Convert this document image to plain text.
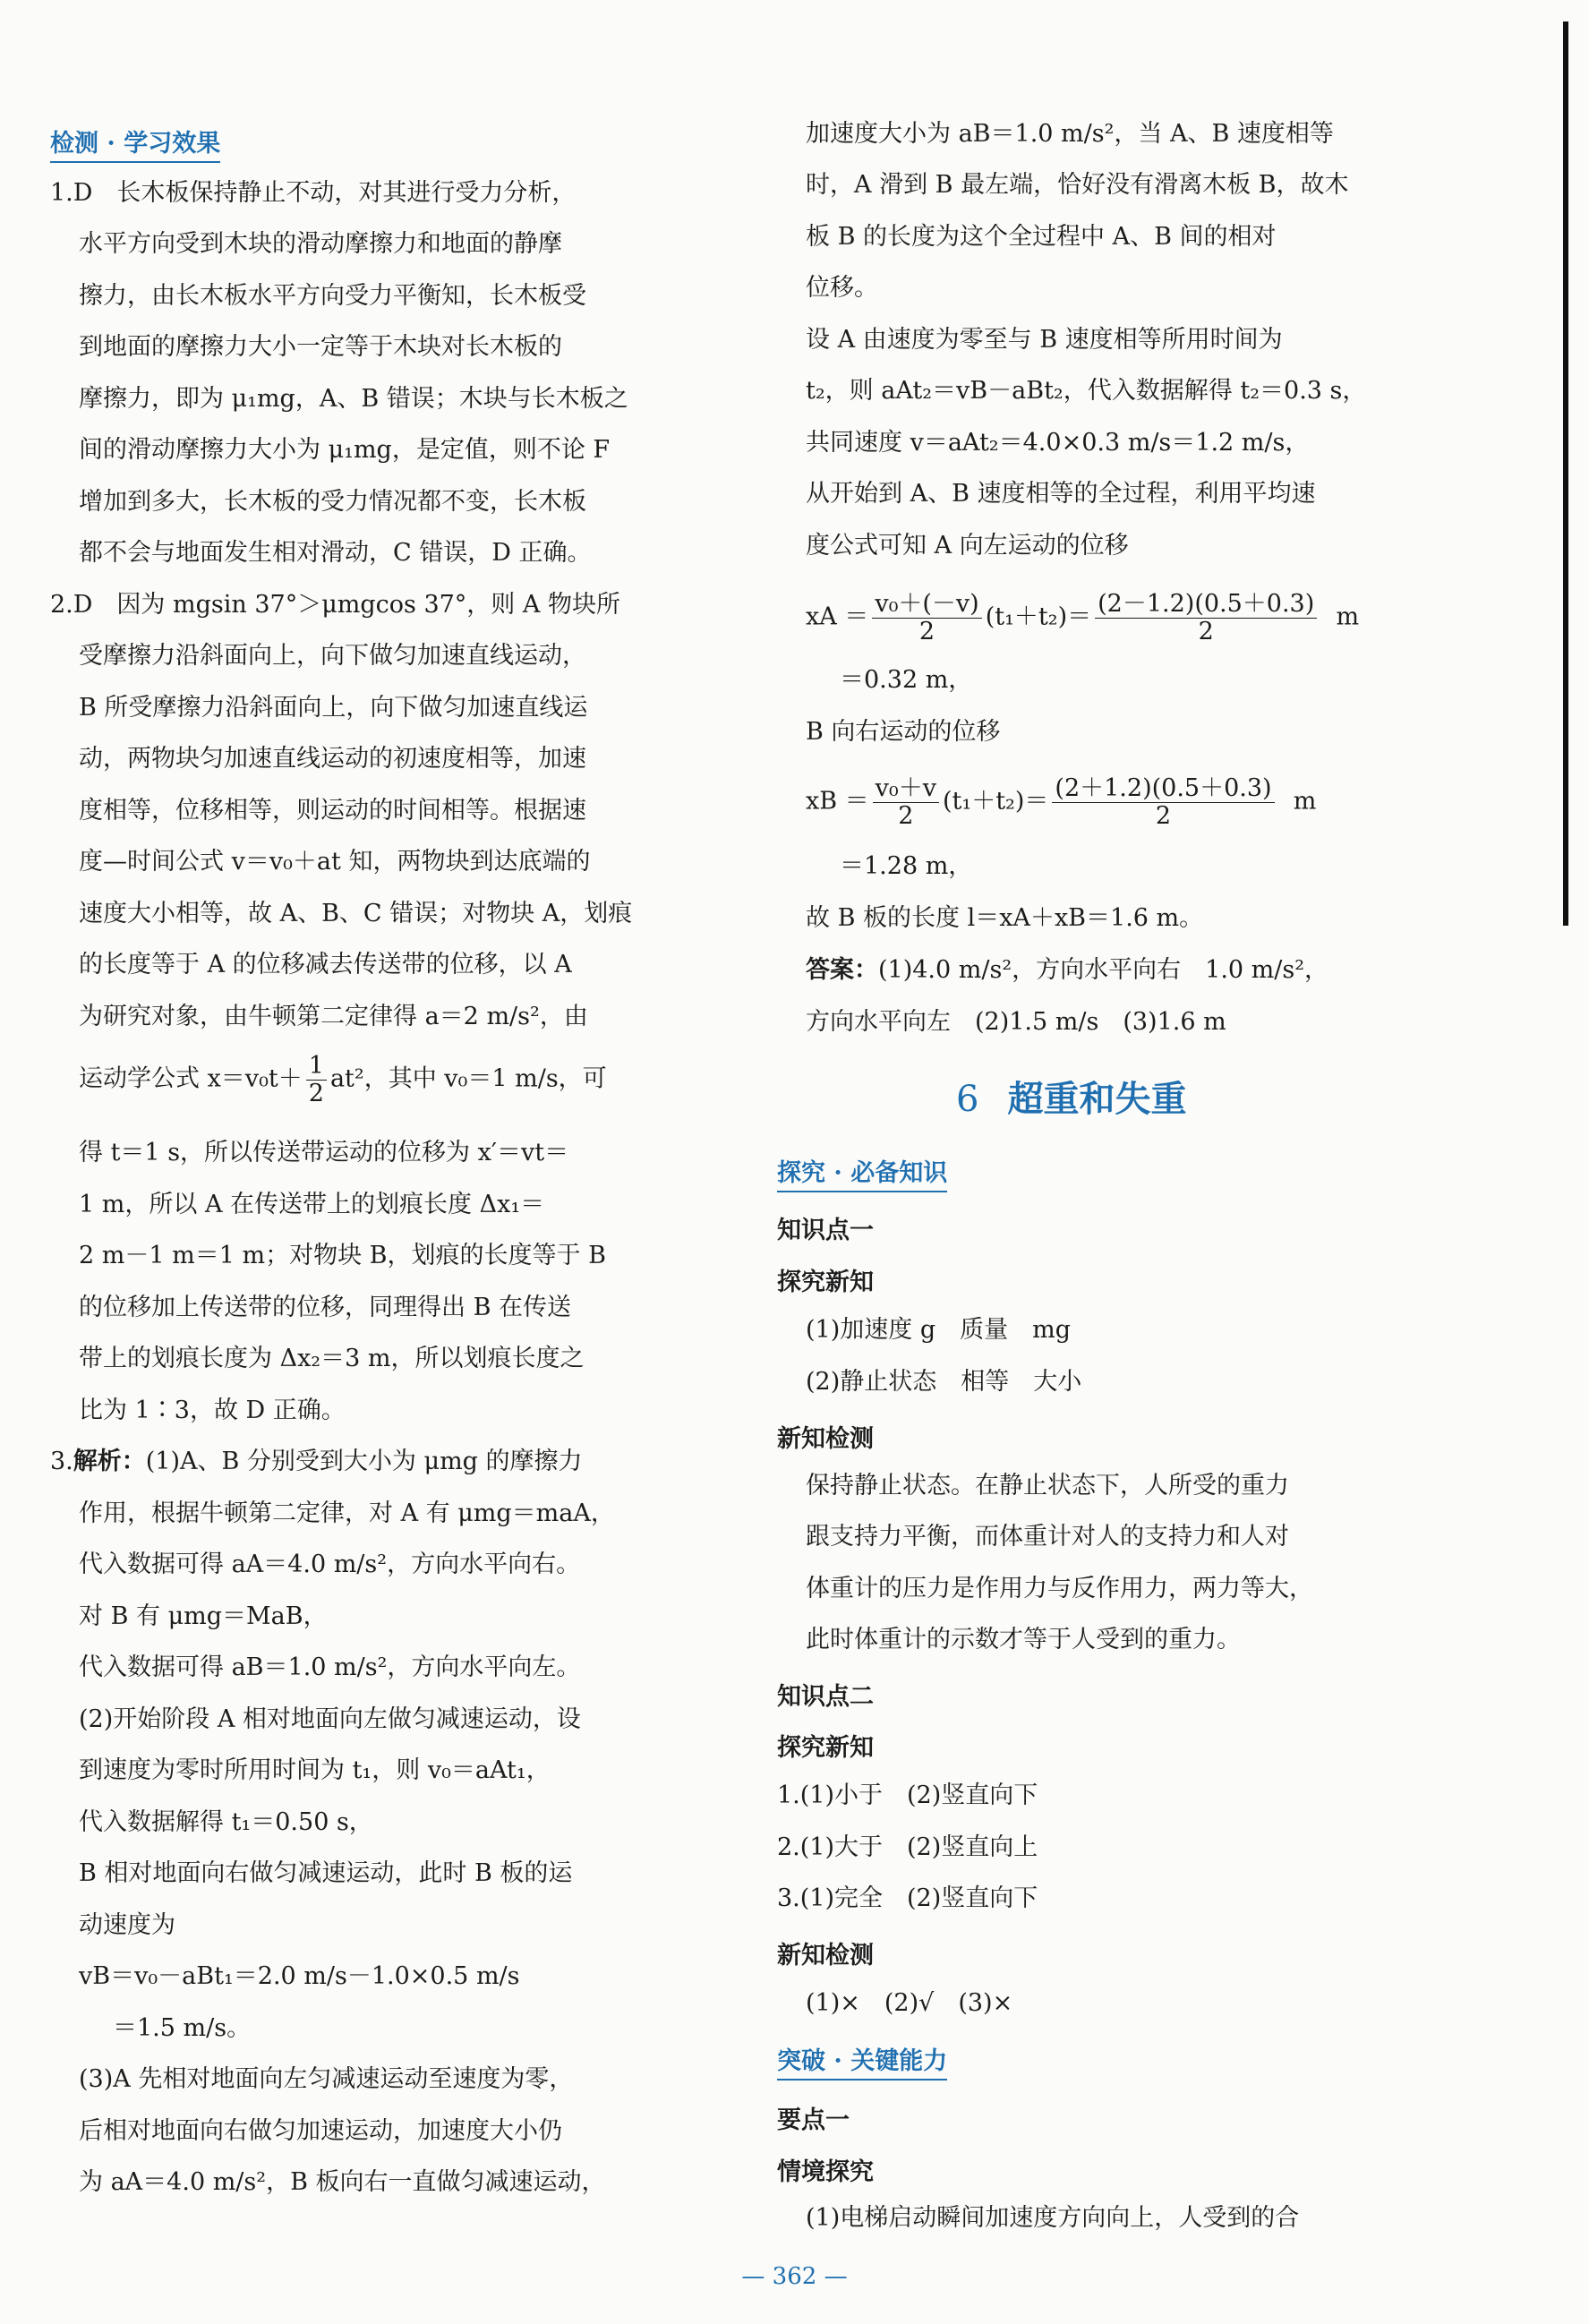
检测 · 学习效果
1.D　长木板保持静止不动，对其进行受力分析，
水平方向受到木块的滑动摩擦力和地面的静摩
擦力，由长木板水平方向受力平衡知，长木板受
到地面的摩擦力大小一定等于木块对长木板的
摩擦力，即为 μ₁mg，A、B 错误；木块与长木板之
间的滑动摩擦力大小为 μ₁mg，是定值，则不论 F
增加到多大，长木板的受力情况都不变，长木板
都不会与地面发生相对滑动，C 错误，D 正确。
2.D　因为 mgsin 37°＞μmgcos 37°，则 A 物块所
受摩擦力沿斜面向上，向下做匀加速直线运动，
B 所受摩擦力沿斜面向上，向下做匀加速直线运
动，两物块匀加速直线运动的初速度相等，加速
度相等，位移相等，则运动的时间相等。根据速
度—时间公式 v＝v₀＋at 知，两物块到达底端的
速度大小相等，故 A、B、C 错误；对物块 A，划痕
的长度等于 A 的位移减去传送带的位移，以 A
为研究对象，由牛顿第二定律得 a＝2 m/s²，由
运动学公式 $x=v_0t+ \frac{1}{2} at^2$，其中 v₀＝1 m/s，可
得 t＝1 s，所以传送带运动的位移为 x′＝vt＝
1 m，所以 A 在传送带上的划痕长度 Δx₁＝
2 m－1 m＝1 m；对物块 B，划痕的长度等于 B
的位移加上传送带的位移，同理得出 B 在传送
带上的划痕长度为 Δx₂＝3 m，所以划痕长度之
比为 1∶3，故 D 正确。
3.解析：(1)A、B 分别受到大小为 μmg 的摩擦力
作用，根据牛顿第二定律，对 A 有 μmg＝maA，
代入数据可得 aA＝4.0 m/s²，方向水平向右。
对 B 有 μmg＝MaB，
代入数据可得 aB＝1.0 m/s²，方向水平向左。
(2)开始阶段 A 相对地面向左做匀减速运动，设
到速度为零时所用时间为 t₁，则 v₀＝aAt₁，
代入数据解得 t₁＝0.50 s，
B 相对地面向右做匀减速运动，此时 B 板的运
动速度为
vB＝v₀－aBt₁＝2.0 m/s－1.0×0.5 m/s
＝1.5 m/s。
(3)A 先相对地面向左匀减速运动至速度为零，
后相对地面向右做匀加速运动，加速度大小仍
为 aA＝4.0 m/s²，B 板向右一直做匀减速运动，
加速度大小为 aB＝1.0 m/s²，当 A、B 速度相等
时，A 滑到 B 最左端，恰好没有滑离木板 B，故木
板 B 的长度为这个全过程中 A、B 间的相对
位移。
设 A 由速度为零至与 B 速度相等所用时间为
t₂，则 aAt₂＝vB－aBt₂，代入数据解得 t₂＝0.3 s，
共同速度 v＝aAt₂＝4.0×0.3 m/s＝1.2 m/s，
从开始到 A、B 速度相等的全过程，利用平均速
度公式可知 A 向左运动的位移
xA ＝ $\frac{\text{v₀＋(－v)}}{2} (t_1+t_2)= \frac{(2-1.2)(0.5+0.3)}{2}$ m
＝0.32 m，
B 向右运动的位移
xB ＝ $\frac{\text{v₀＋v}}{2} (t_1+t_2)= \frac{(2+1.2)(0.5+0.3)}{2}$ m
＝1.28 m，
故 B 板的长度 l＝xA＋xB＝1.6 m。
答案：(1)4.0 m/s²，方向水平向右　1.0 m/s²，
方向水平向左　(2)1.5 m/s　(3)1.6 m
6 超重和失重
探究 · 必备知识
知识点一
探究新知
(1)加速度 g　质量　mg
(2)静止状态　相等　大小
新知检测
保持静止状态。在静止状态下，人所受的重力
跟支持力平衡，而体重计对人的支持力和人对
体重计的压力是作用力与反作用力，两力等大，
此时体重计的示数才等于人受到的重力。
知识点二
探究新知
1.(1)小于　(2)竖直向下
2.(1)大于　(2)竖直向上
3.(1)完全　(2)竖直向下
新知检测
(1)×　(2)√　(3)×
突破 · 关键能力
要点一
情境探究
(1)电梯启动瞬间加速度方向向上，人受到的合
— 362 —
